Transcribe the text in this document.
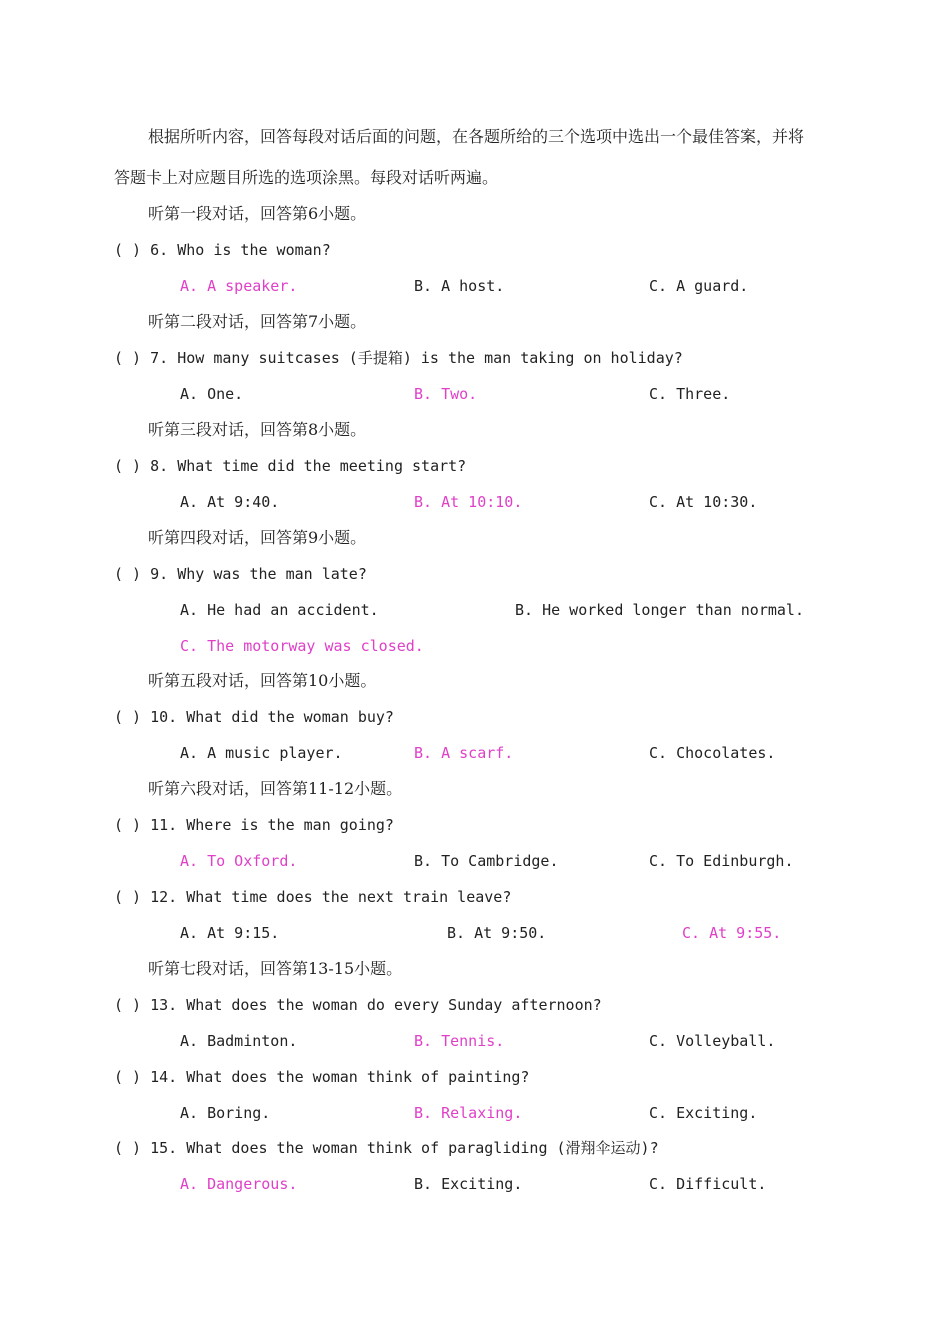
根据所听内容，回答每段对话后面的问题，在各题所给的三个选项中选出一个最佳答案，并将
答题卡上对应题目所选的选项涂黑。每段对话听两遍。
听第一段对话，回答第6小题。
( ) 6. Who is the woman?
A. A speaker.	B. A host.	C. A guard.
听第二段对话，回答第7小题。
( ) 7. How many suitcases (手提箱) is the man taking on holiday?
A. One.	B. Two.	C. Three.
听第三段对话，回答第8小题。
( ) 8. What time did the meeting start?
A. At 9:40.	B. At 10:10.	C. At 10:30.
听第四段对话，回答第9小题。
( ) 9. Why was the man late?
A. He had an accident.	B. He worked longer than normal.
C. The motorway was closed.
听第五段对话，回答第10小题。
( ) 10. What did the woman buy?
A. A music player.	B. A scarf.	C. Chocolates.
听第六段对话，回答第11-12小题。
( ) 11. Where is the man going?
A. To Oxford.	B. To Cambridge.	C. To Edinburgh.
( ) 12. What time does the next train leave?
A. At 9:15.	B. At 9:50.	C. At 9:55.
听第七段对话，回答第13-15小题。
( ) 13. What does the woman do every Sunday afternoon?
A. Badminton.	B. Tennis.	C. Volleyball.
( ) 14. What does the woman think of painting?
A. Boring.	B. Relaxing.	C. Exciting.
( ) 15. What does the woman think of paragliding (滑翔伞运动)?
A. Dangerous.	B. Exciting.	C. Difficult.
